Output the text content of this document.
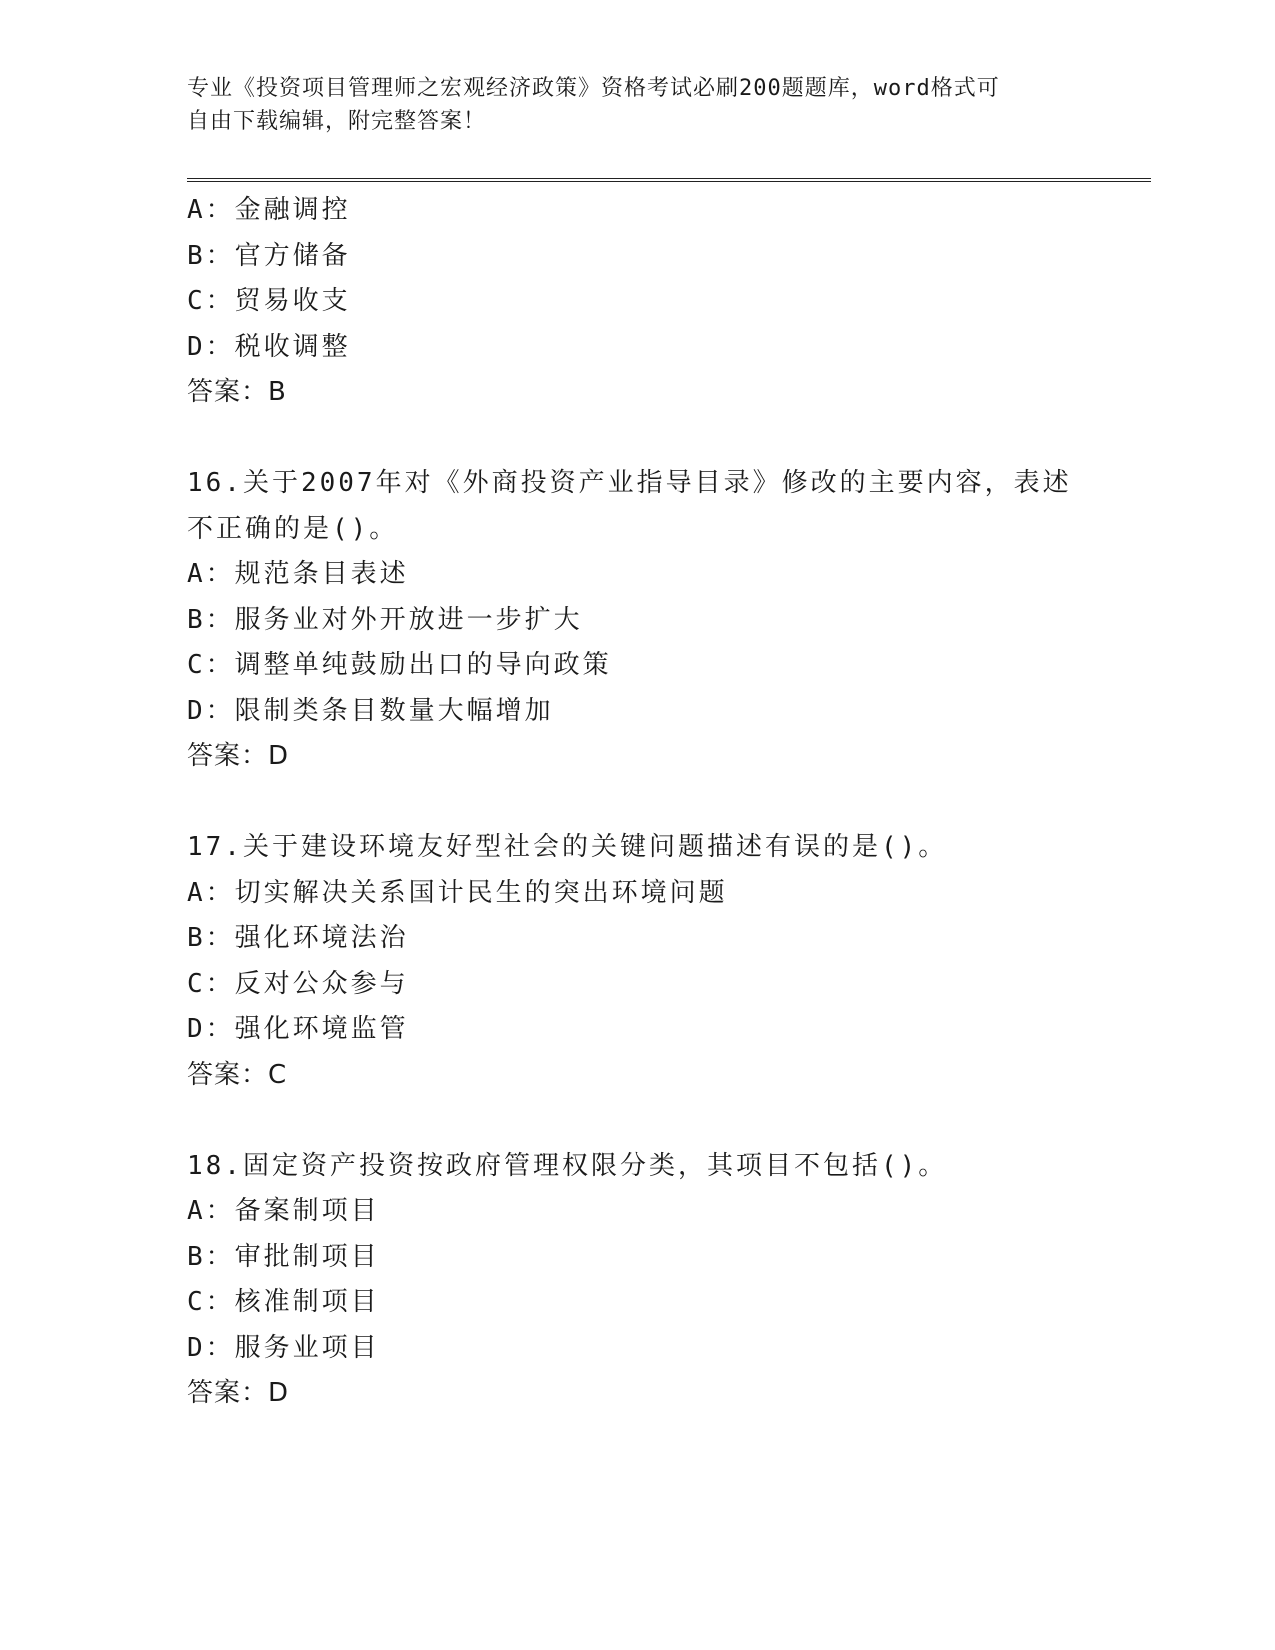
专业《投资项目管理师之宏观经济政策》资格考试必刷200题题库，word格式可
自由下载编辑，附完整答案！
A：金融调控
B：官方储备
C：贸易收支
D：税收调整
答案：B
16.关于2007年对《外商投资产业指导目录》修改的主要内容，表述
不正确的是()。
A：规范条目表述
B：服务业对外开放进一步扩大
C：调整单纯鼓励出口的导向政策
D：限制类条目数量大幅增加
答案：D
17.关于建设环境友好型社会的关键问题描述有误的是()。
A：切实解决关系国计民生的突出环境问题
B：强化环境法治
C：反对公众参与
D：强化环境监管
答案：C
18.固定资产投资按政府管理权限分类，其项目不包括()。
A：备案制项目
B：审批制项目
C：核准制项目
D：服务业项目
答案：D
